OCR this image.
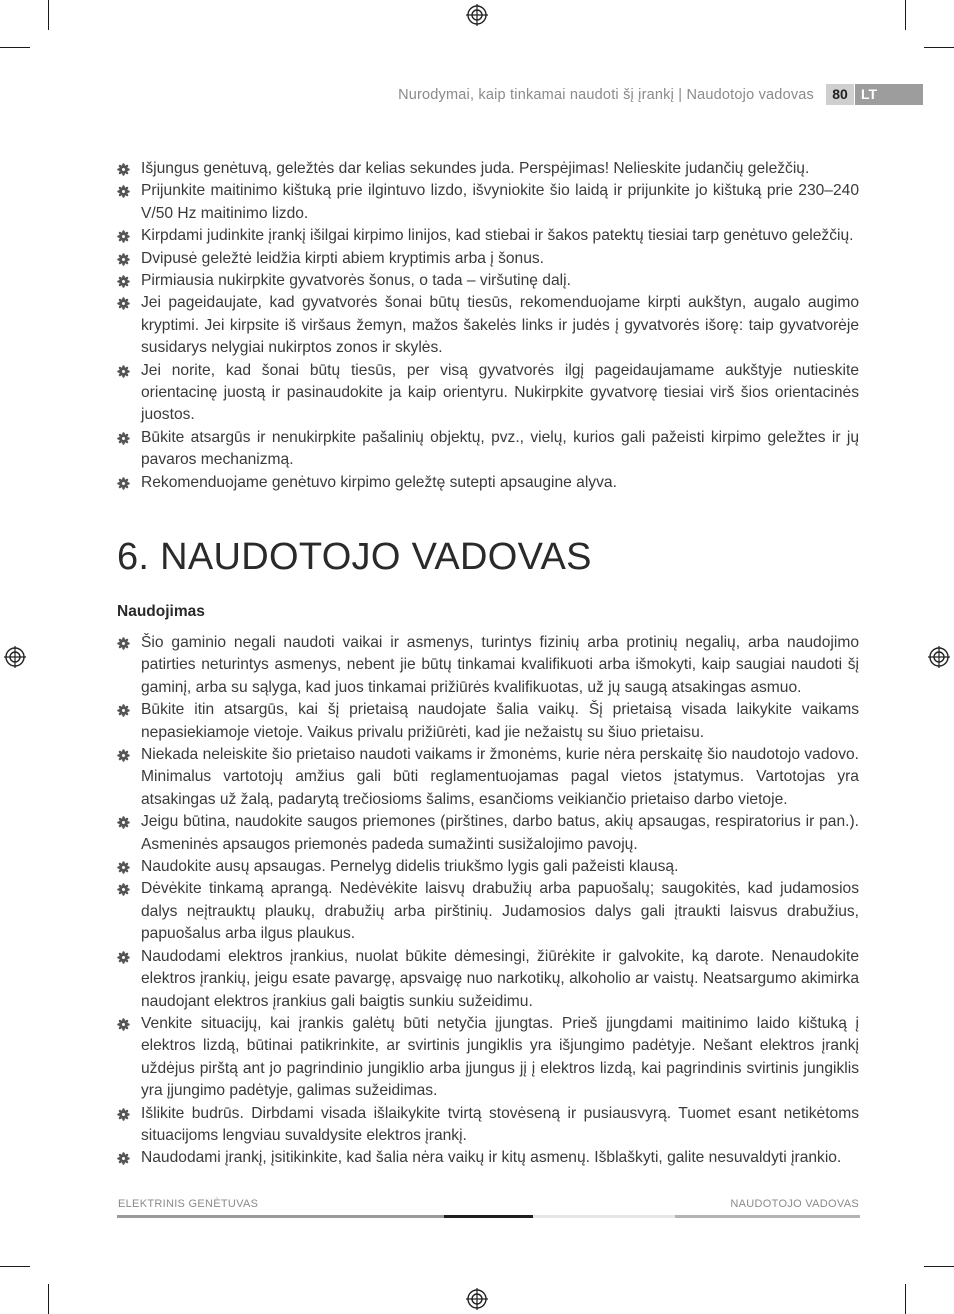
Nurodymai, kaip tinkamai naudoti šį įrankį | Naudotojo vadovas	80 LT
Išjungus genėtuvą, geležtės dar kelias sekundes juda. Perspėjimas! Nelieskite judančių geležčių.
Prijunkite maitinimo kištuką prie ilgintuvo lizdo, išvyniokite šio laidą ir prijunkite jo kištuką prie 230–240 V/50 Hz maitinimo lizdo.
Kirpdami judinkite įrankį išilgai kirpimo linijos, kad stiebai ir šakos patektų tiesiai tarp genėtuvo geležčių.
Dvipusė geležtė leidžia kirpti abiem kryptimis arba į šonus.
Pirmiausia nukirpkite gyvatvorės šonus, o tada – viršutinę dalį.
Jei pageidaujate, kad gyvatvorės šonai būtų tiesūs, rekomenduojame kirpti aukštyn, augalo augimo kryptimi. Jei kirpsite iš viršaus žemyn, mažos šakelės links ir judės į gyvatvorės išorę: taip gyvatvorėje susidarys nelygiai nukirptos zonos ir skylės.
Jei norite, kad šonai būtų tiesūs, per visą gyvatvorės ilgį pageidaujamame aukštyje nutieskite orientacinę juostą ir pasinaudokite ja kaip orientyru. Nukirpkite gyvatvorę tiesiai virš šios orientacinės juostos.
Būkite atsargūs ir nenukirpkite pašalinių objektų, pvz., vielų, kurios gali pažeisti kirpimo geležtes ir jų pavaros mechanizmą.
Rekomenduojame genėtuvo kirpimo geležtę sutepti apsaugine alyva.
6. NAUDOTOJO VADOVAS
Naudojimas
Šio gaminio negali naudoti vaikai ir asmenys, turintys fizinių arba protinių negalių, arba naudojimo patirties neturintys asmenys, nebent jie būtų tinkamai kvalifikuoti arba išmokyti, kaip saugiai naudoti šį gaminį, arba su sąlyga, kad juos tinkamai prižiūrės kvalifikuotas, už jų saugą atsakingas asmuo.
Būkite itin atsargūs, kai šį prietaisą naudojate šalia vaikų. Šį prietaisą visada laikykite vaikams nepasiekiamoje vietoje. Vaikus privalu prižiūrėti, kad jie nežaistų su šiuo prietaisu.
Niekada neleiskite šio prietaiso naudoti vaikams ir žmonėms, kurie nėra perskaitę šio naudotojo vadovo. Minimalus vartotojų amžius gali būti reglamentuojamas pagal vietos įstatymus. Vartotojas yra atsakingas už žalą, padarytą trečiosioms šalims, esančioms veikiančio prietaiso darbo vietoje.
Jeigu būtina, naudokite saugos priemones (pirštines, darbo batus, akių apsaugas, respiratorius ir pan.). Asmeninės apsaugos priemonės padeda sumažinti susižalojimo pavojų.
Naudokite ausų apsaugas. Pernelyg didelis triukšmo lygis gali pažeisti klausą.
Dėvėkite tinkamą aprangą. Nedėvėkite laisvų drabužių arba papuošalų; saugokitės, kad judamosios dalys neįtrauktų plaukų, drabužių arba pirštinių. Judamosios dalys gali įtraukti laisvus drabužius, papuošalus arba ilgus plaukus.
Naudodami elektros įrankius, nuolat būkite dėmesingi, žiūrėkite ir galvokite, ką darote. Nenaudokite elektros įrankių, jeigu esate pavargę, apsvaigę nuo narkotikų, alkoholio ar vaistų. Neatsargumo akimirka naudojant elektros įrankius gali baigtis sunkiu sužeidimu.
Venkite situacijų, kai įrankis galėtų būti netyčia įjungtas. Prieš įjungdami maitinimo laido kištuką į elektros lizdą, būtinai patikrinkite, ar svirtinis jungiklis yra išjungimo padėtyje. Nešant elektros įrankį uždėjus pirštą ant jo pagrindinio jungiklio arba įjungus jį į elektros lizdą, kai pagrindinis svirtinis jungiklis yra įjungimo padėtyje, galimas sužeidimas.
Išlikite budrūs. Dirbdami visada išlaikykite tvirtą stovėseną ir pusiausvyrą. Tuomet esant netikėtoms situacijoms lengviau suvaldysite elektros įrankį.
Naudodami įrankį, įsitikinkite, kad šalia nėra vaikų ir kitų asmenų. Išblaškyti, galite nesuvaldyti įrankio.
ELEKTRINIS GENĖTUVAS	NAUDOTOJO VADOVAS
